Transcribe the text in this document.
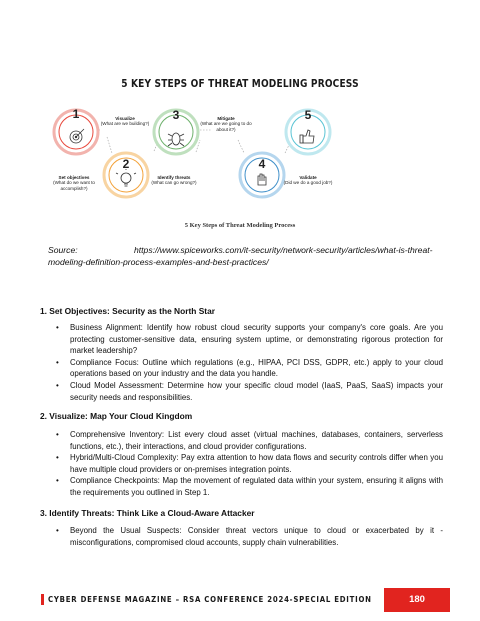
5 KEY STEPS OF THREAT MODELING PROCESS
1
2
3
4
5
Visualize
(What are we building?)
Mitigate
(What are we going to do about it?)
Set objectives
(What do we want to accomplish?)
Identify threats
(What can go wrong?)
Validate
(Did we do a good job?)
5 Key Steps of Threat Modeling Process
Source:	https://www.spiceworks.com/it-security/network-security/articles/what-is-threat-modeling-definition-process-examples-and-best-practices/
1. Set Objectives: Security as the North Star
• Business Alignment: Identify how robust cloud security supports your company's core goals. Are you protecting customer-sensitive data, ensuring system uptime, or demonstrating rigorous protection for market leadership?
• Compliance Focus: Outline which regulations (e.g., HIPAA, PCI DSS, GDPR, etc.) apply to your cloud operations based on your industry and the data you handle.
• Cloud Model Assessment: Determine how your specific cloud model (IaaS, PaaS, SaaS) impacts your security needs and responsibilities.
2. Visualize: Map Your Cloud Kingdom
• Comprehensive Inventory: List every cloud asset (virtual machines, databases, containers, serverless functions, etc.), their interactions, and cloud provider configurations.
• Hybrid/Multi-Cloud Complexity: Pay extra attention to how data flows and security controls differ when you have multiple cloud providers or on-premises integration points.
• Compliance Checkpoints: Map the movement of regulated data within your system, ensuring it aligns with the requirements you outlined in Step 1.
3. Identify Threats: Think Like a Cloud-Aware Attacker
• Beyond the Usual Suspects: Consider threat vectors unique to cloud or exacerbated by it - misconfigurations, compromised cloud accounts, supply chain vulnerabilities.
CYBER DEFENSE MAGAZINE – RSA CONFERENCE 2024-SPECIAL EDITION	180
